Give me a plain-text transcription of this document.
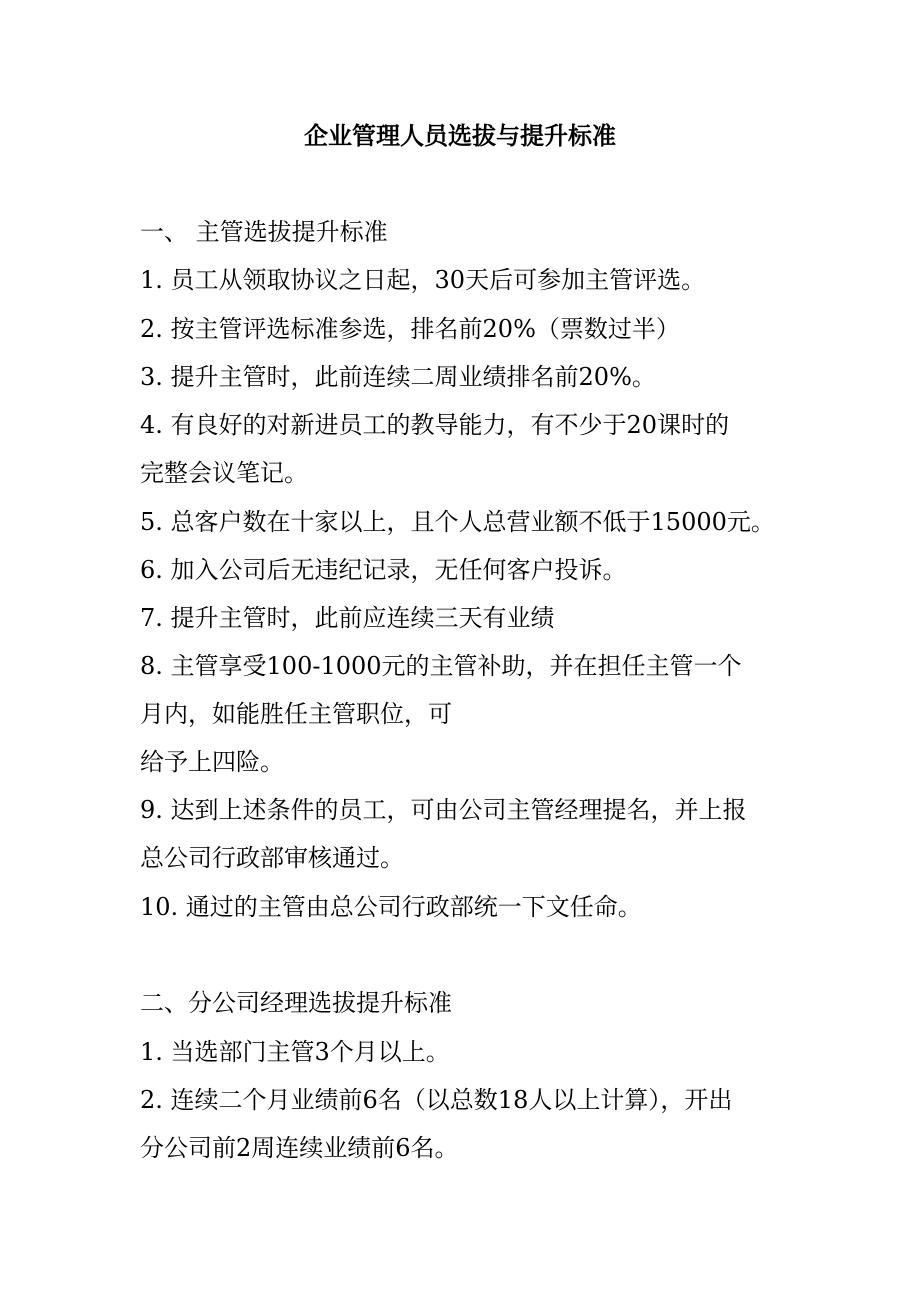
企业管理人员选拔与提升标准

一、 主管选拔提升标准

1. 员工从领取协议之日起，30天后可参加主管评选。

2. 按主管评选标准参选，排名前20%（票数过半）

3. 提升主管时，此前连续二周业绩排名前20%。

4. 有良好的对新进员工的教导能力，有不少于20课时的

完整会议笔记。

5. 总客户数在十家以上，且个人总营业额不低于15000元。

6. 加入公司后无违纪记录，无任何客户投诉。

7. 提升主管时，此前应连续三天有业绩

8. 主管享受100-1000元的主管补助，并在担任主管一个

月内，如能胜任主管职位，可

给予上四险。

9. 达到上述条件的员工，可由公司主管经理提名，并上报

总公司行政部审核通过。

10. 通过的主管由总公司行政部统一下文任命。

二、分公司经理选拔提升标准

1. 当选部门主管3个月以上。

2. 连续二个月业绩前6名（以总数18人以上计算），开出

分公司前2周连续业绩前6名。
